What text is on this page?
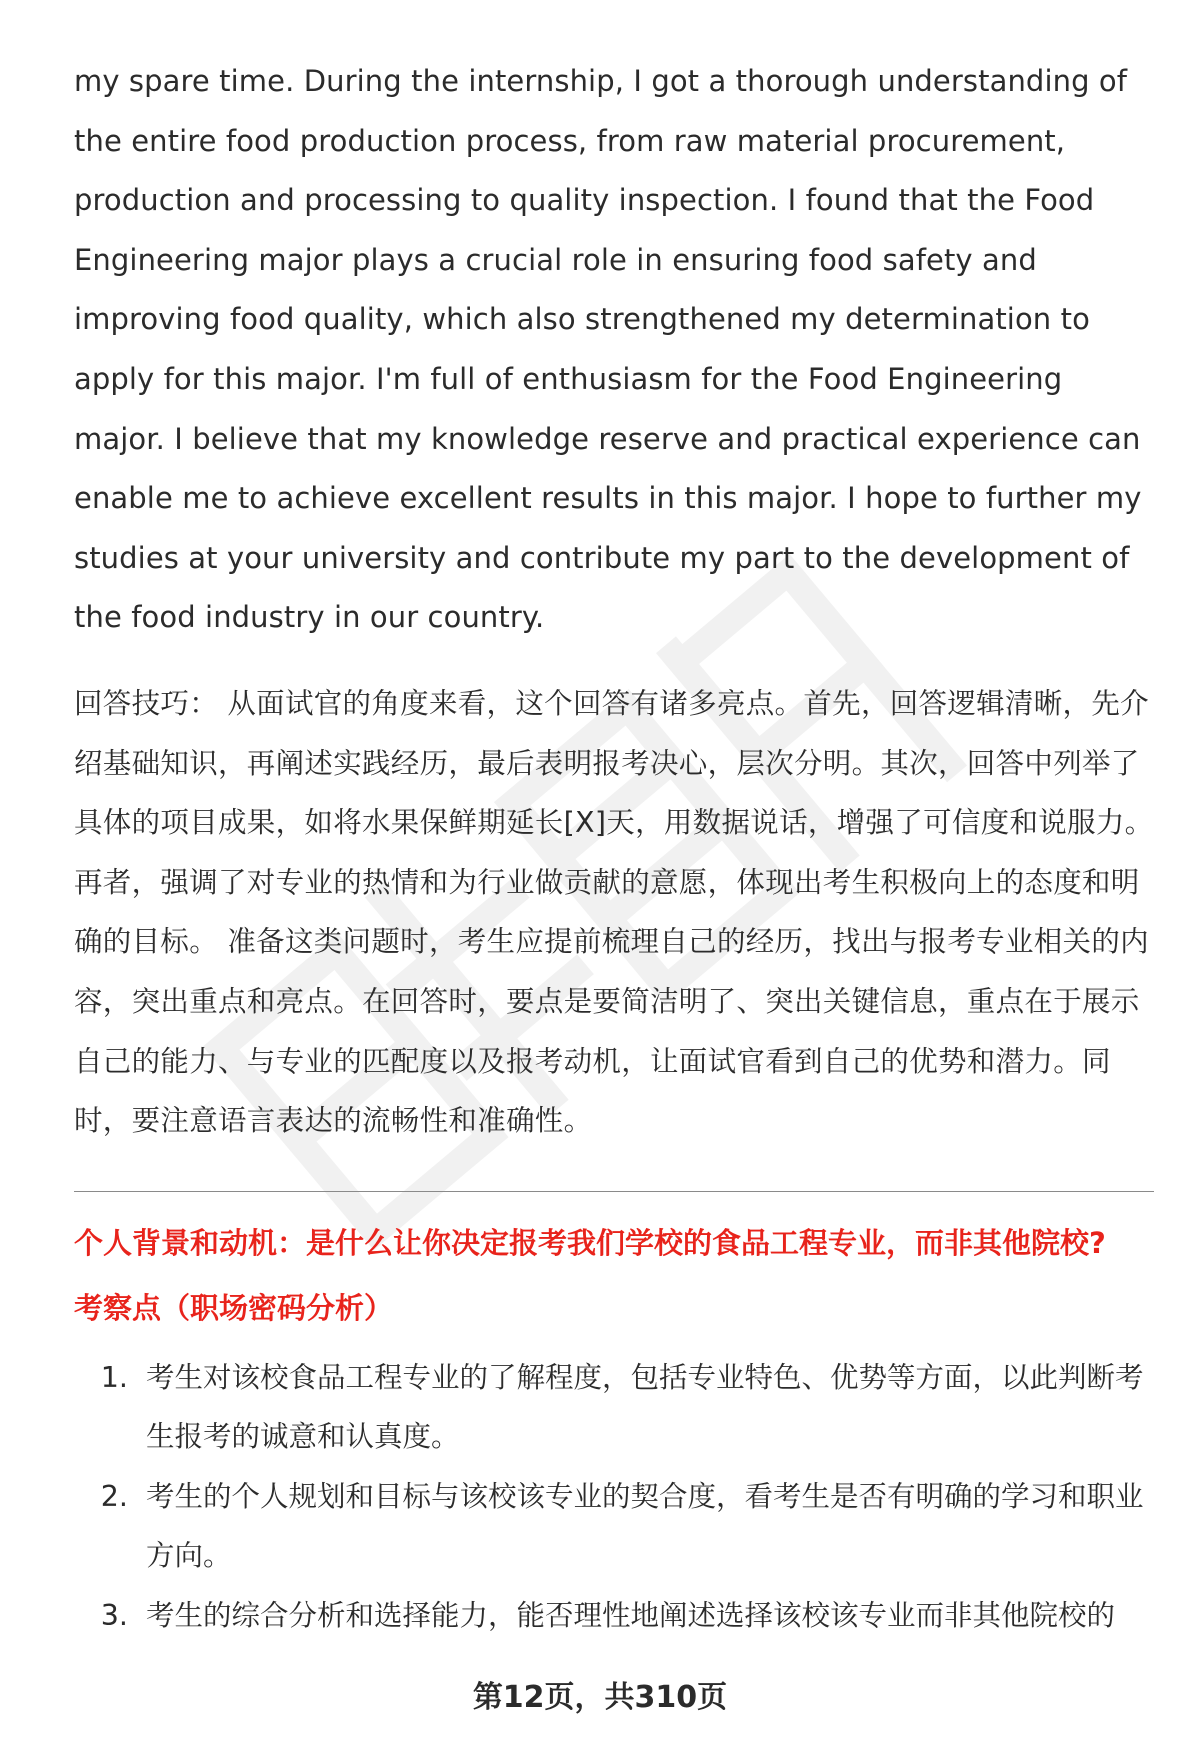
my spare time. During the internship, I got a thorough understanding of the entire food production process, from raw material procurement, production and processing to quality inspection. I found that the Food Engineering major plays a crucial role in ensuring food safety and improving food quality, which also strengthened my determination to apply for this major. I'm full of enthusiasm for the Food Engineering major. I believe that my knowledge reserve and practical experience can enable me to achieve excellent results in this major. I hope to further my studies at your university and contribute my part to the development of the food industry in our country.

回答技巧： 从面试官的角度来看，这个回答有诸多亮点。首先，回答逻辑清晰，先介绍基础知识，再阐述实践经历，最后表明报考决心，层次分明。其次，回答中列举了具体的项目成果，如将水果保鲜期延长[X]天，用数据说话，增强了可信度和说服力。再者，强调了对专业的热情和为行业做贡献的意愿，体现出考生积极向上的态度和明确的目标。 准备这类问题时，考生应提前梳理自己的经历，找出与报考专业相关的内容，突出重点和亮点。在回答时，要点是要简洁明了、突出关键信息，重点在于展示自己的能力、与专业的匹配度以及报考动机，让面试官看到自己的优势和潜力。同时，要注意语言表达的流畅性和准确性。

个人背景和动机：是什么让你决定报考我们学校的食品工程专业，而非其他院校?

考察点（职场密码分析）

1. 考生对该校食品工程专业的了解程度，包括专业特色、优势等方面，以此判断考生报考的诚意和认真度。
2. 考生的个人规划和目标与该校该专业的契合度，看考生是否有明确的学习和职业方向。
3. 考生的综合分析和选择能力，能否理性地阐述选择该校该专业而非其他院校的
第12页，共310页
